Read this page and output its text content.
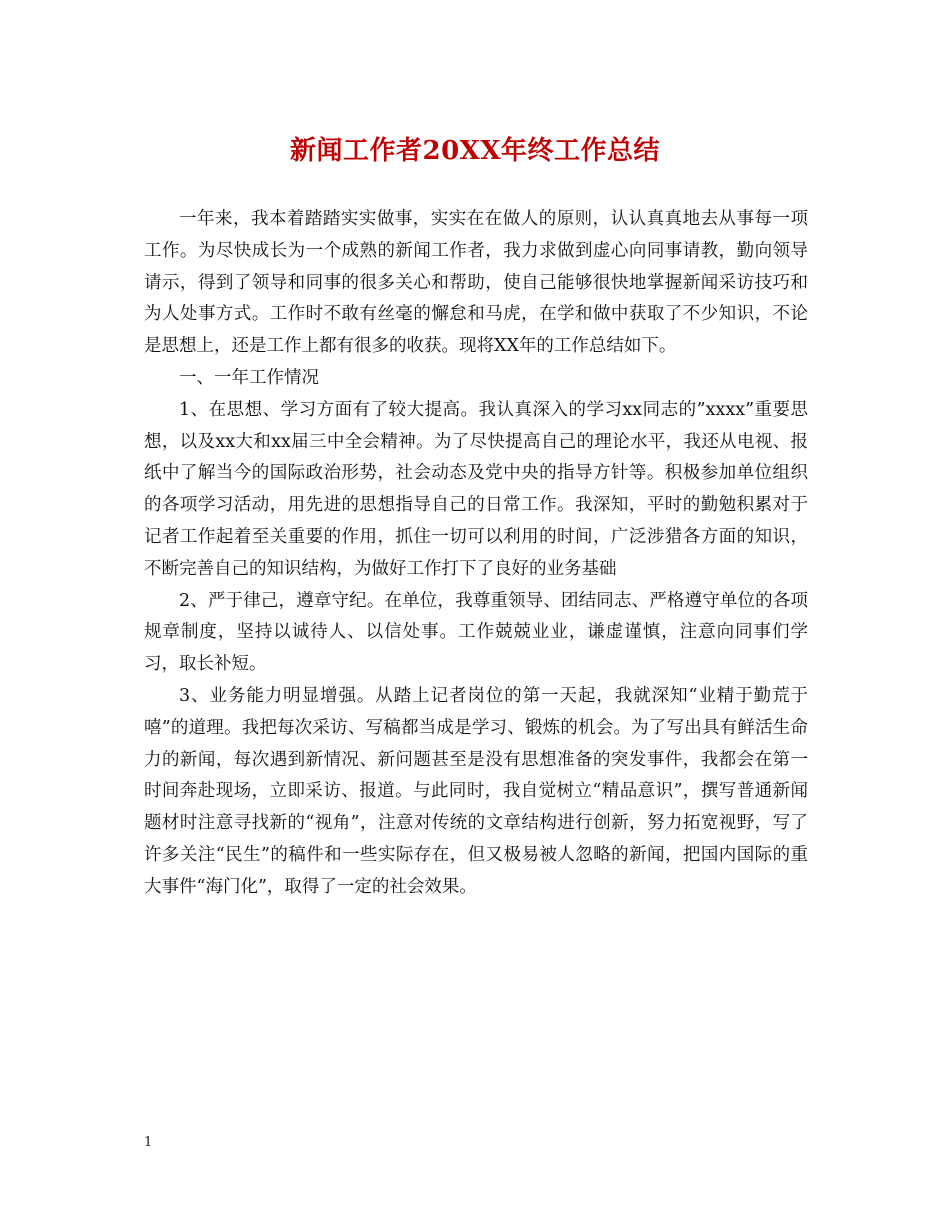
新闻工作者20XX年终工作总结

一年来，我本着踏踏实实做事，实实在在做人的原则，认认真真地去从事每一项工作。为尽快成长为一个成熟的新闻工作者，我力求做到虚心向同事请教，勤向领导请示，得到了领导和同事的很多关心和帮助，使自己能够很快地掌握新闻采访技巧和为人处事方式。工作时不敢有丝毫的懈怠和马虎，在学和做中获取了不少知识，不论是思想上，还是工作上都有很多的收获。现将XX年的工作总结如下。

一、一年工作情况

1、在思想、学习方面有了较大提高。我认真深入的学习xx同志的”xxxx”重要思想，以及xx大和xx届三中全会精神。为了尽快提高自己的理论水平，我还从电视、报纸中了解当今的国际政治形势，社会动态及党中央的指导方针等。积极参加单位组织的各项学习活动，用先进的思想指导自己的日常工作。我深知，平时的勤勉积累对于记者工作起着至关重要的作用，抓住一切可以利用的时间，广泛涉猎各方面的知识，不断完善自己的知识结构，为做好工作打下了良好的业务基础

2、严于律己，遵章守纪。在单位，我尊重领导、团结同志、严格遵守单位的各项规章制度，坚持以诚待人、以信处事。工作兢兢业业，谦虚谨慎，注意向同事们学习，取长补短。

3、业务能力明显增强。从踏上记者岗位的第一天起，我就深知“业精于勤荒于嘻”的道理。我把每次采访、写稿都当成是学习、锻炼的机会。为了写出具有鲜活生命力的新闻，每次遇到新情况、新问题甚至是没有思想准备的突发事件，我都会在第一时间奔赴现场，立即采访、报道。与此同时，我自觉树立“精品意识”，撰写普通新闻题材时注意寻找新的“视角”，注意对传统的文章结构进行创新，努力拓宽视野，写了许多关注“民生”的稿件和一些实际存在，但又极易被人忽略的新闻，把国内国际的重大事件“海门化”，取得了一定的社会效果。

1
